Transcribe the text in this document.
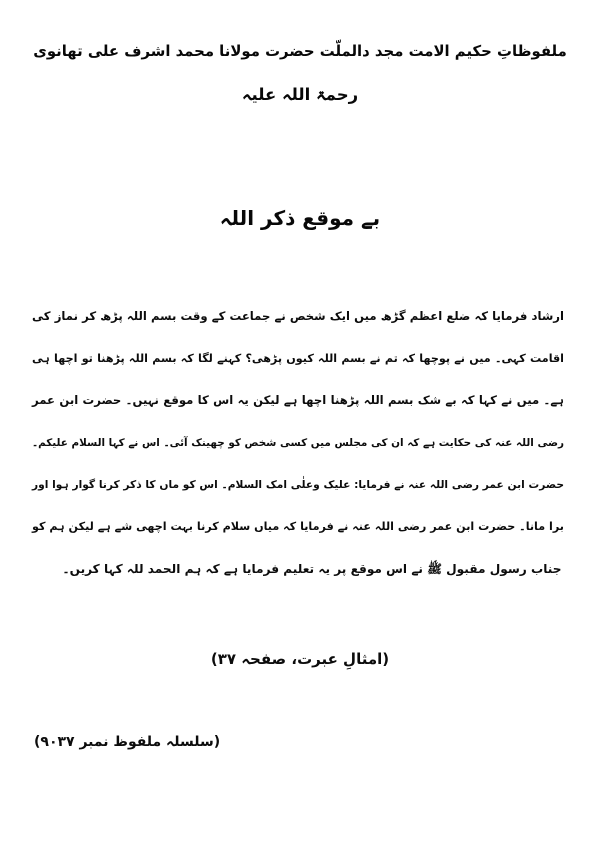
ملفوظاتِ حکیم الامت مجد دالملّت حضرت مولانا محمد اشرف علی تھانوی
رحمۃ اللہ علیہ
بے موقع ذکر اللہ
ارشاد فرمایا کہ ضلع اعظم گڑھ میں ایک شخص نے جماعت کے وقت بسم اللہ پڑھ کر نماز کی
اقامت کہی۔ میں نے پوچھا کہ تم نے بسم اللہ کیوں پڑھی؟ کہنے لگا کہ بسم اللہ پڑھنا تو اچھا ہی
ہے۔ میں نے کہا کہ بے شک بسم اللہ پڑھنا اچھا ہے لیکن یہ اس کا موقع نہیں۔ حضرت ابن عمر
رضی اللہ عنہ کی حکایت ہے کہ ان کی مجلس میں کسی شخص کو چھینک آئی۔ اس نے کہا السلام علیکم۔
حضرت ابن عمر رضی اللہ عنہ نے فرمایا: علیک وعلٰی امک السلام۔ اس کو ماں کا ذکر کرنا گوار ہوا اور
برا مانا۔ حضرت ابن عمر رضی اللہ عنہ نے فرمایا کہ میاں سلام کرنا بہت اچھی شے ہے لیکن ہم کو
جناب رسول مقبول ﷺ نے اس موقع پر یہ تعلیم فرمایا ہے کہ ہم الحمد للہ کہا کریں۔
(امثالِ عبرت، صفحہ ۳۷)
(سلسلہ ملفوظ نمبر ۹۰۳۷)
